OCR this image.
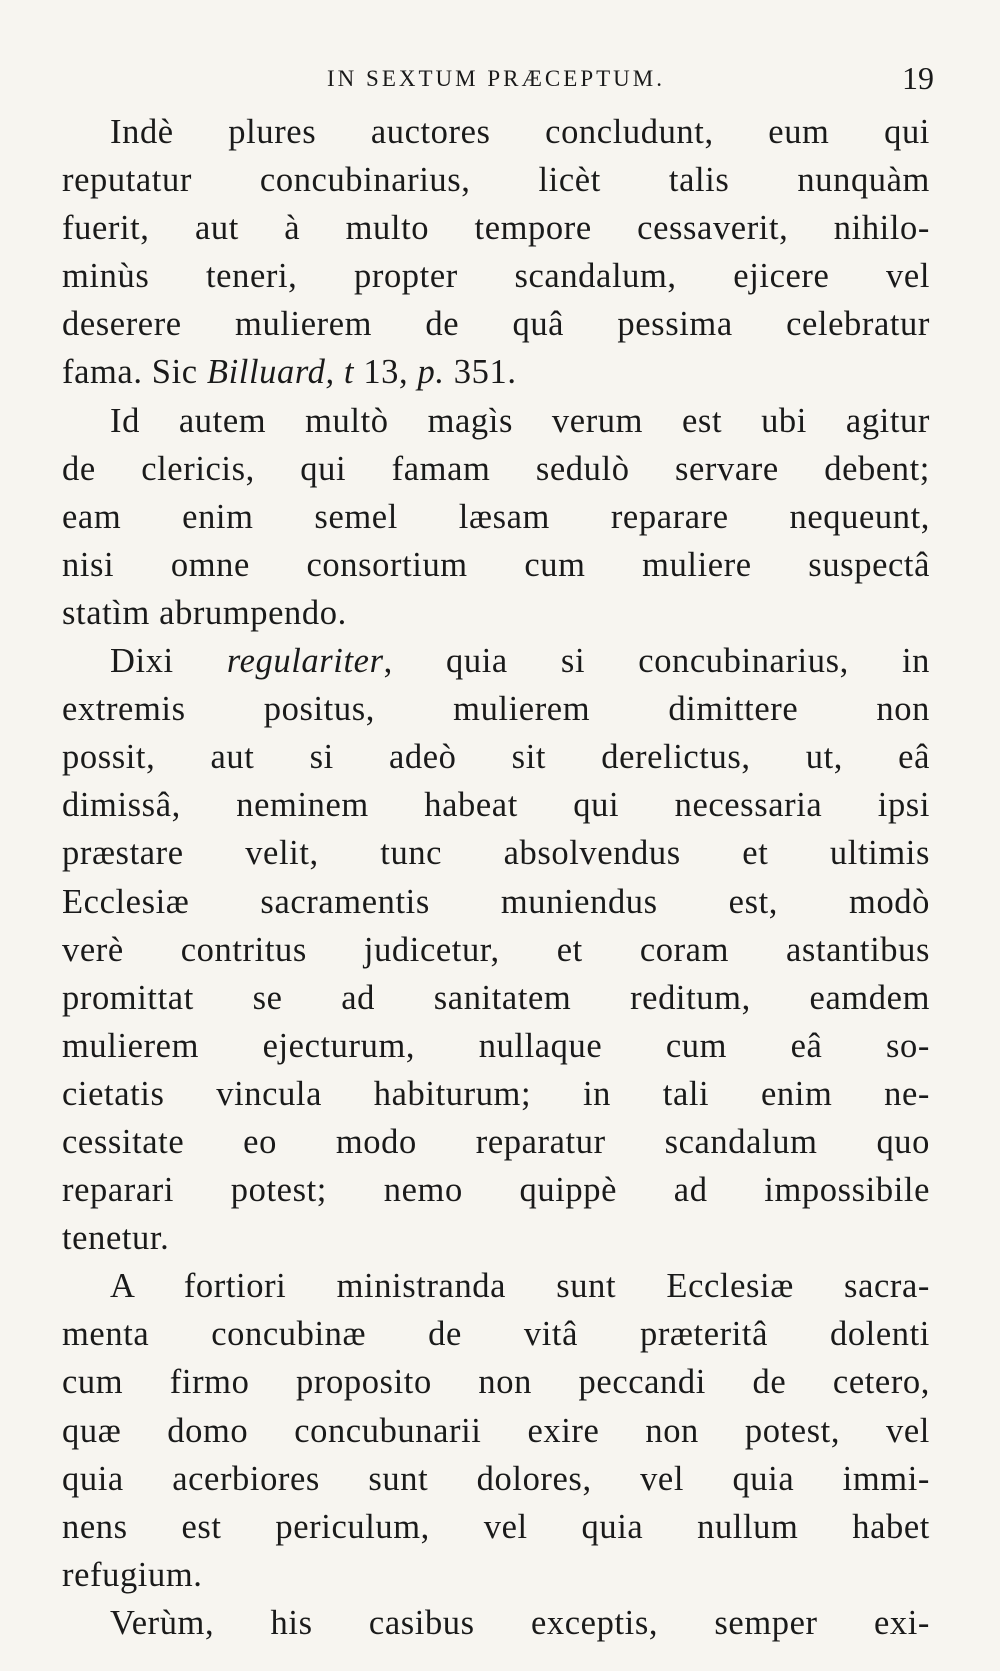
IN SEXTUM PRÆCEPTUM.	19
Indè plures auctores concludunt, eum qui
reputatur concubinarius, licèt talis nunquàm
fuerit, aut à multo tempore cessaverit, nihilo-
minùs teneri, propter scandalum, ejicere vel
deserere mulierem de quâ pessima celebratur
fama. Sic Billuard, t 13, p. 351.
Id autem multò magìs verum est ubi agitur
de clericis, qui famam sedulò servare debent;
eam enim semel læsam reparare nequeunt,
nisi omne consortium cum muliere suspectâ
statìm abrumpendo.
Dixi regulariter, quia si concubinarius, in
extremis positus, mulierem dimittere non
possit, aut si adeò sit derelictus, ut, eâ
dimissâ, neminem habeat qui necessaria ipsi
præstare velit, tunc absolvendus et ultimis
Ecclesiæ sacramentis muniendus est, modò
verè contritus judicetur, et coram astantibus
promittat se ad sanitatem reditum, eamdem
mulierem ejecturum, nullaque cum eâ so-
cietatis vincula habiturum; in tali enim ne-
cessitate eo modo reparatur scandalum quo
reparari potest; nemo quippè ad impossibile
tenetur.
A fortiori ministranda sunt Ecclesiæ sacra-
menta concubinæ de vitâ præteritâ dolenti
cum firmo proposito non peccandi de cetero,
quæ domo concubunarii exire non potest, vel
quia acerbiores sunt dolores, vel quia immi-
nens est periculum, vel quia nullum habet
refugium.
Verùm, his casibus exceptis, semper exi-
